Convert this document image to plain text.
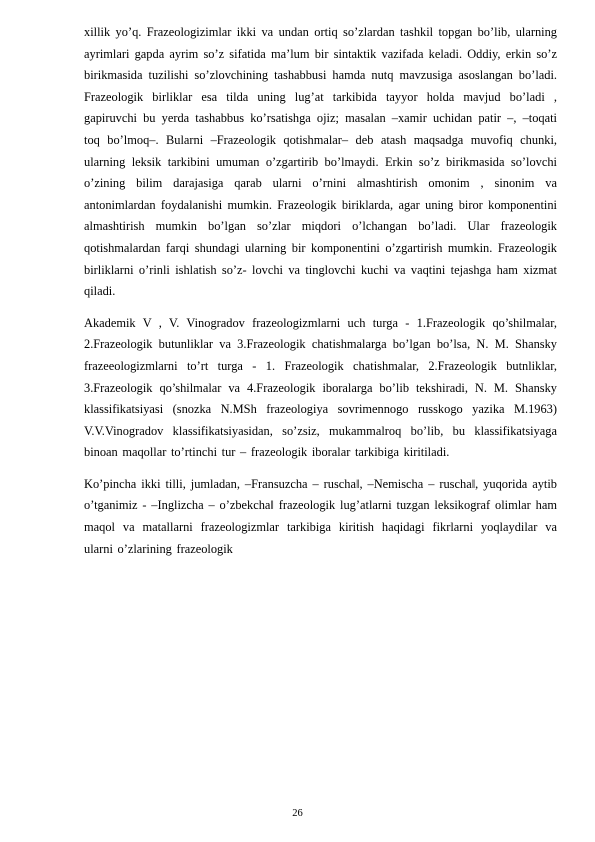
xillik yo’q. Frazeologizimlar ikki va undan ortiq so’zlardan tashkil topgan bo’lib, ularning ayrimlari gapda ayrim so’z sifatida ma’lum bir sintaktik vazifada keladi. Oddiy, erkin so’z birikmasida tuzilishi so’zlovchining tashabbusi hamda nutq mavzusiga asoslangan bo’ladi. Frazeologik birliklar esa tilda uning lug’at tarkibida tayyor holda mavjud bo’ladi , gapiruvchi bu yerda tashabbus ko’rsatishga ojiz; masalan ‒xamir uchidan patir ‒, ‒toqati toq bo’lmoq‒. Bularni ‒Frazeologik qotishmalar‒ deb atash maqsadga muvofiq chunki, ularning leksik tarkibini umuman o’zgartirib bo’lmaydi. Erkin so’z birikmasida so’lovchi o’zining bilim darajasiga qarab ularni o’rnini almashtirish omonim , sinonim va antonimlardan foydalanishi mumkin. Frazeologik biriklarda, agar uning biror komponentini almashtirish mumkin bo’lgan so’zlar miqdori o’lchangan bo’ladi. Ular frazeologik qotishmalardan farqi shundagi ularning bir komponentini o’zgartirish mumkin. Frazeologik birliklarni o’rinli ishlatish so’z- lovchi va tinglovchi kuchi va vaqtini tejashga ham xizmat qiladi.

Akademik V , V. Vinogradov frazeologizmlarni uch turga - 1.Frazeologik qo’shilmalar, 2.Frazeologik butunliklar va 3.Frazeologik chatishmalarga bo’lgan bo’lsa, N. M. Shansky frazeeologizmlarni to’rt turga - 1. Frazeologik chatishmalar, 2.Frazeologik butnliklar, 3.Frazeologik qo’shilmalar va 4.Frazeologik iboralarga bo’lib tekshiradi, N. M. Shansky klassifikatsiyasi (snozka N.MSh frazeologiya sovrimennogo russkogo yazika M.1963) V.V.Vinogradov klassifikatsiyasidan, so’zsiz, mukammalroq bo’lib, bu klassifikatsiyaga binoan maqollar to’rtinchi tur ‒ frazeologik iboralar tarkibiga kiritiladi.

Ko’pincha ikki tilli, jumladan, ‒Fransuzcha ‒ ruscha‖, ‒Nemischa ‒ ruscha‖, yuqorida aytib o’tganimiz - ‒Inglizcha ‒ o’zbekcha‖ frazeologik lug’atlarni tuzgan leksikograf olimlar ham maqol va matallarni frazeologizmlar tarkibiga kiritish haqidagi fikrlarni yoqlaydilar va ularni o’zlarining frazeologik

26
